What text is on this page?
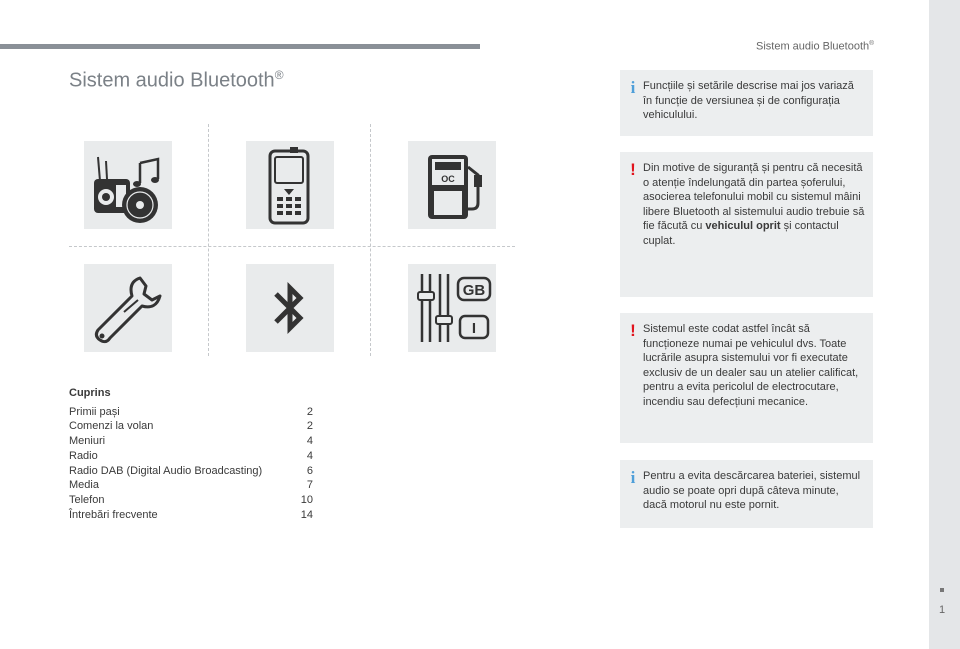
Sistem audio Bluetooth®
Sistem audio Bluetooth®
OC
GB
I
Cuprins
Primii pași	2
Comenzi la volan	2
Meniuri	4
Radio	4
Radio DAB (Digital Audio Broadcasting)	6
Media	7
Telefon	10
Întrebări frecvente	14
i Funcțiile și setările descrise mai jos variază în funcție de versiunea și de configurația vehiculului.
! Din motive de siguranță și pentru că necesită o atenție îndelungată din partea șoferului, asocierea telefonului mobil cu sistemul mâini libere Bluetooth al sistemului audio trebuie să fie făcută cu vehiculul oprit și contactul cuplat.
! Sistemul este codat astfel încât să funcționeze numai pe vehiculul dvs. Toate lucrările asupra sistemului vor fi executate exclusiv de un dealer sau un atelier calificat, pentru a evita pericolul de electrocutare, incendiu sau defecțiuni mecanice.
i Pentru a evita descărcarea bateriei, sistemul audio se poate opri după câteva minute, dacă motorul nu este pornit.
1
